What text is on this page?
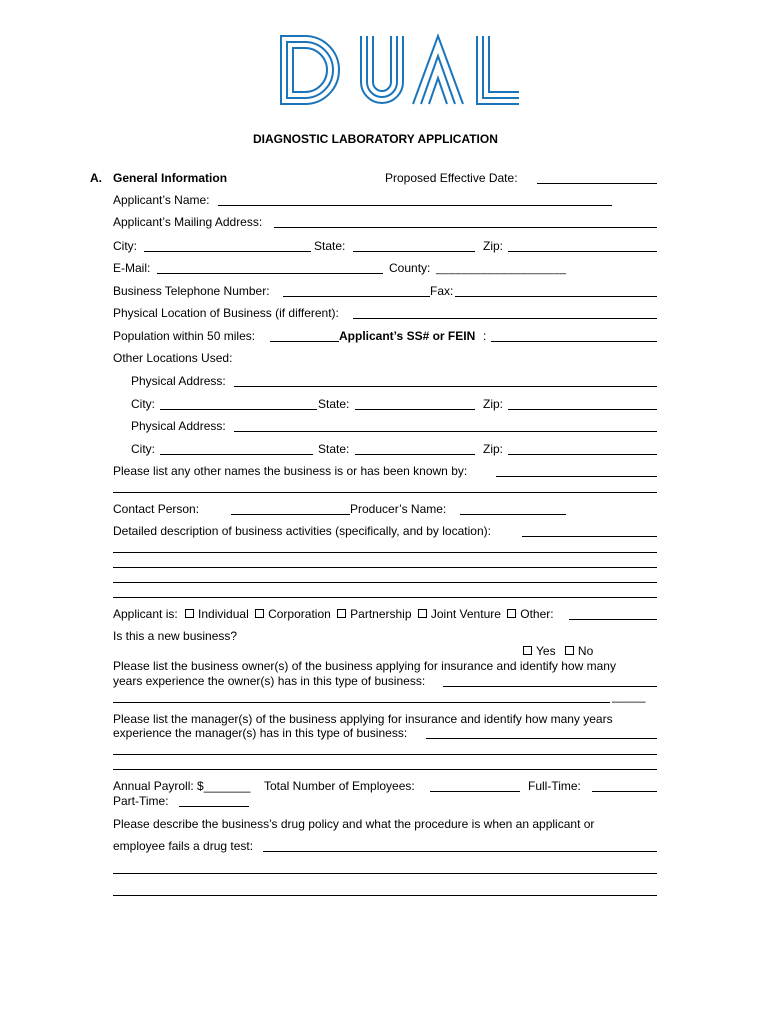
DUAL
DIAGNOSTIC LABORATORY APPLICATION
A. General Information	Proposed Effective Date:
Applicant’s Name:
Applicant’s Mailing Address:
City:	State:	Zip:
E-Mail:	County: ____________________
Business Telephone Number:	Fax:
Physical Location of Business (if different):
Population within 50 miles:	Applicant’s SS# or FEIN :
Other Locations Used:
Physical Address:
City:	State:	Zip:
Physical Address:
City:	State:	Zip:
Please list any other names the business is or has been known by:
Contact Person:	Producer’s Name:
Detailed description of business activities (specifically, and by location):
Applicant is: Individual Corporation Partnership Joint Venture Other:
Is this a new business?
Yes No
Please list the business owner(s) of the business applying for insurance and identify how many
years experience the owner(s) has in this type of business:
_____
Please list the manager(s) of the business applying for insurance and identify how many years
experience the manager(s) has in this type of business:
Annual Payroll: $_______ Total Number of Employees:	Full-Time:
Part-Time:
Please describe the business’s drug policy and what the procedure is when an applicant or
employee fails a drug test:
